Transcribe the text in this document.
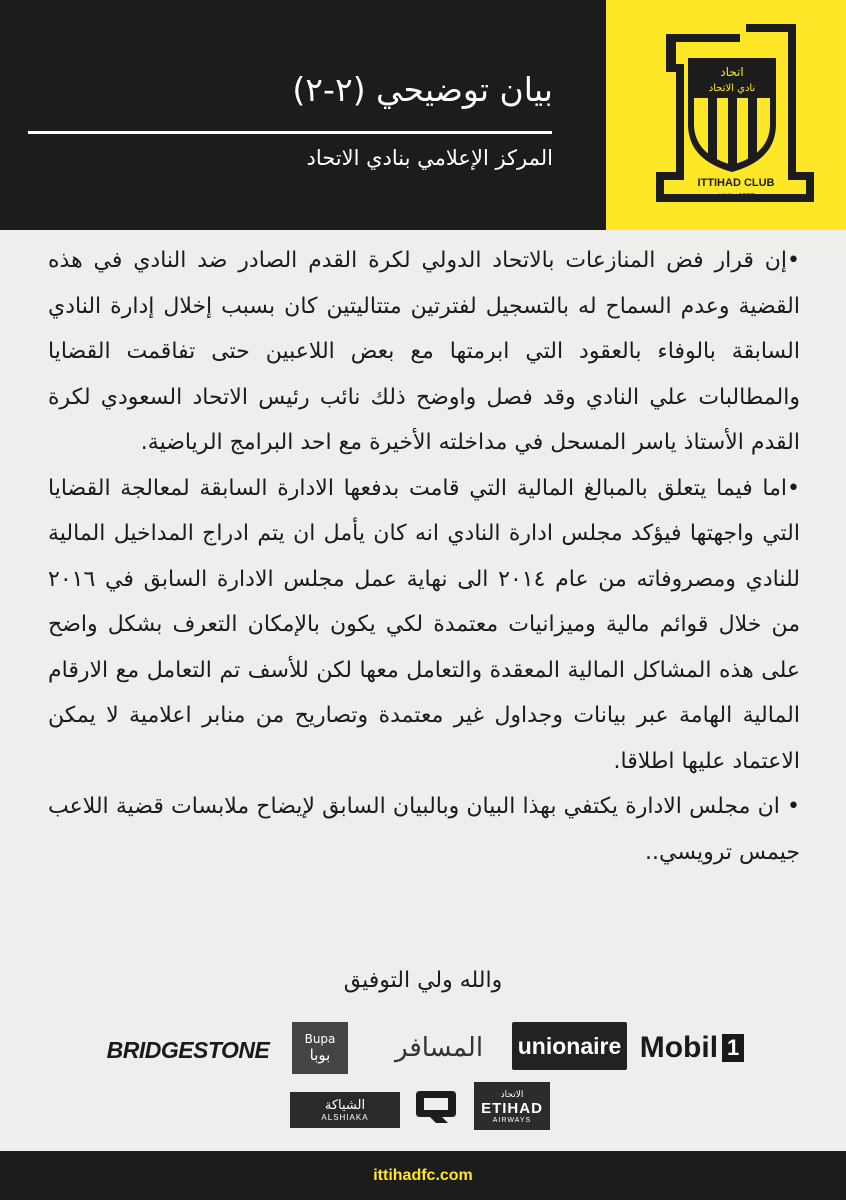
بيان توضيحي (٢-٢)
المركز الإعلامي بنادي الاتحاد
اتحاد
نادي الاتحاد
ITTIHAD CLUB
١٩٢٧ . 1927

•إن قرار فض المنازعات بالاتحاد الدولي لكرة القدم الصادر ضد النادي في هذه القضية وعدم السماح له بالتسجيل لفترتين متتاليتين كان بسبب إخلال إدارة النادي السابقة بالوفاء بالعقود التي ابرمتها مع بعض اللاعبين حتى تفاقمت القضايا والمطالبات علي النادي وقد فصل واوضح ذلك نائب رئيس الاتحاد السعودي لكرة القدم الأستاذ ياسر المسحل في مداخلته الأخيرة مع احد البرامج الرياضية.

•اما فيما يتعلق بالمبالغ المالية التي قامت بدفعها الادارة السابقة لمعالجة القضايا التي واجهتها فيؤكد مجلس ادارة النادي انه كان يأمل ان يتم ادراج المداخيل المالية للنادي ومصروفاته من عام ٢٠١٤ الى نهاية عمل مجلس الادارة السابق في ٢٠١٦ من خلال قوائم مالية وميزانيات معتمدة لكي يكون بالإمكان التعرف بشكل واضح على هذه المشاكل المالية المعقدة والتعامل معها لكن للأسف تم التعامل مع الارقام المالية الهامة عبر بيانات وجداول غير معتمدة وتصاريح من منابر اعلامية لا يمكن الاعتماد عليها اطلاقا.

• ان مجلس الادارة يكتفي بهذا البيان وبالبيان السابق لإيضاح ملابسات قضية اللاعب جيمس ترويسي..

والله ولي التوفيق
Mobil 1
unionaire
المسافر
Bupa
بوبا
BRIDGESTONE
الاتحاد
ETIHAD
AIRWAYS
الشياكة
ALSHIAKA
ittihadfc.com
